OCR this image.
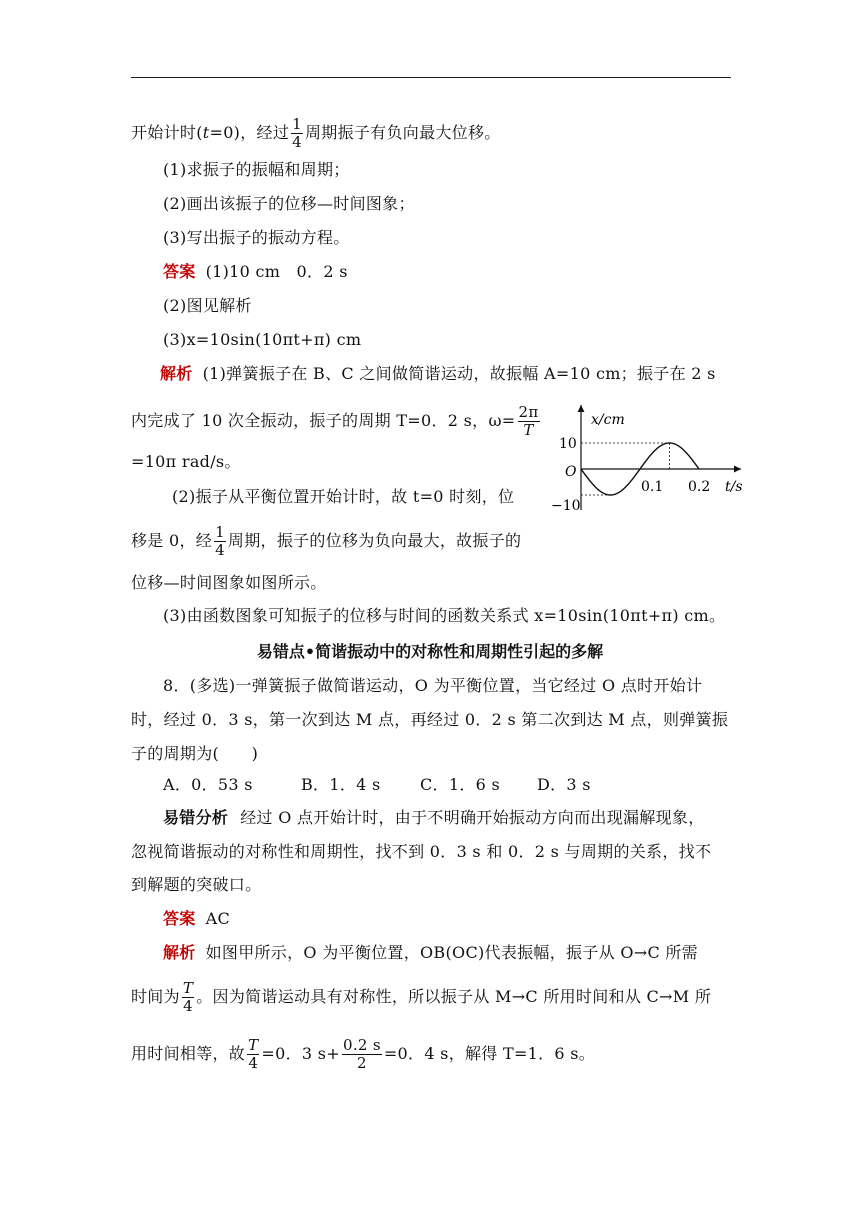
开始计时(t=0)，经过 $\frac{1}{4}$ 周期振子有负向最大位移。
(1)求振子的振幅和周期；
(2)画出该振子的位移—时间图象；
(3)写出振子的振动方程。
答案 (1)10 cm　0．2 s
(2)图见解析
(3)x=10sin(10πt+π) cm
解析 (1)弹簧振子在 B、C 之间做简谐运动，故振幅 A=10 cm；振子在 2 s
内完成了 10 次全振动，振子的周期 T=0．2 s，$\omega= \frac{2\pi}{T}$
=10π rad/s。
(2)振子从平衡位置开始计时，故 t=0 时刻，位
移是 0，经 $\frac{1}{4}$ 周期，振子的位移为负向最大，故振子的
位移—时间图象如图所示。
(3)由函数图象可知振子的位移与时间的函数关系式 x=10sin(10πt+π) cm。
x/cm
t/s
O
10
−10
0.1 0.2
易错点•简谐振动中的对称性和周期性引起的多解
8．(多选)一弹簧振子做简谐运动，O 为平衡位置，当它经过 O 点时开始计
时，经过 0．3 s，第一次到达 M 点，再经过 0．2 s 第二次到达 M 点，则弹簧振
子的周期为(　　)
A．0．53 s	B．1．4 s C．1．6 s D．3 s
易错分析 经过 O 点开始计时，由于不明确开始振动方向而出现漏解现象，
忽视简谐振动的对称性和周期性，找不到 0．3 s 和 0．2 s 与周期的关系，找不
到解题的突破口。
答案 AC
解析 如图甲所示，O 为平衡位置，OB(OC)代表振幅，振子从 O→C 所需
时间为 $\frac{T}{4}$ 。因为简谐运动具有对称性，所以振子从 M→C 所用时间和从 C→M 所
用时间相等，故 $\frac{T}{4} =0$．3 $s+ \frac{0.2 s}{2} =0$．4 s，解得 T=1．6 s。
